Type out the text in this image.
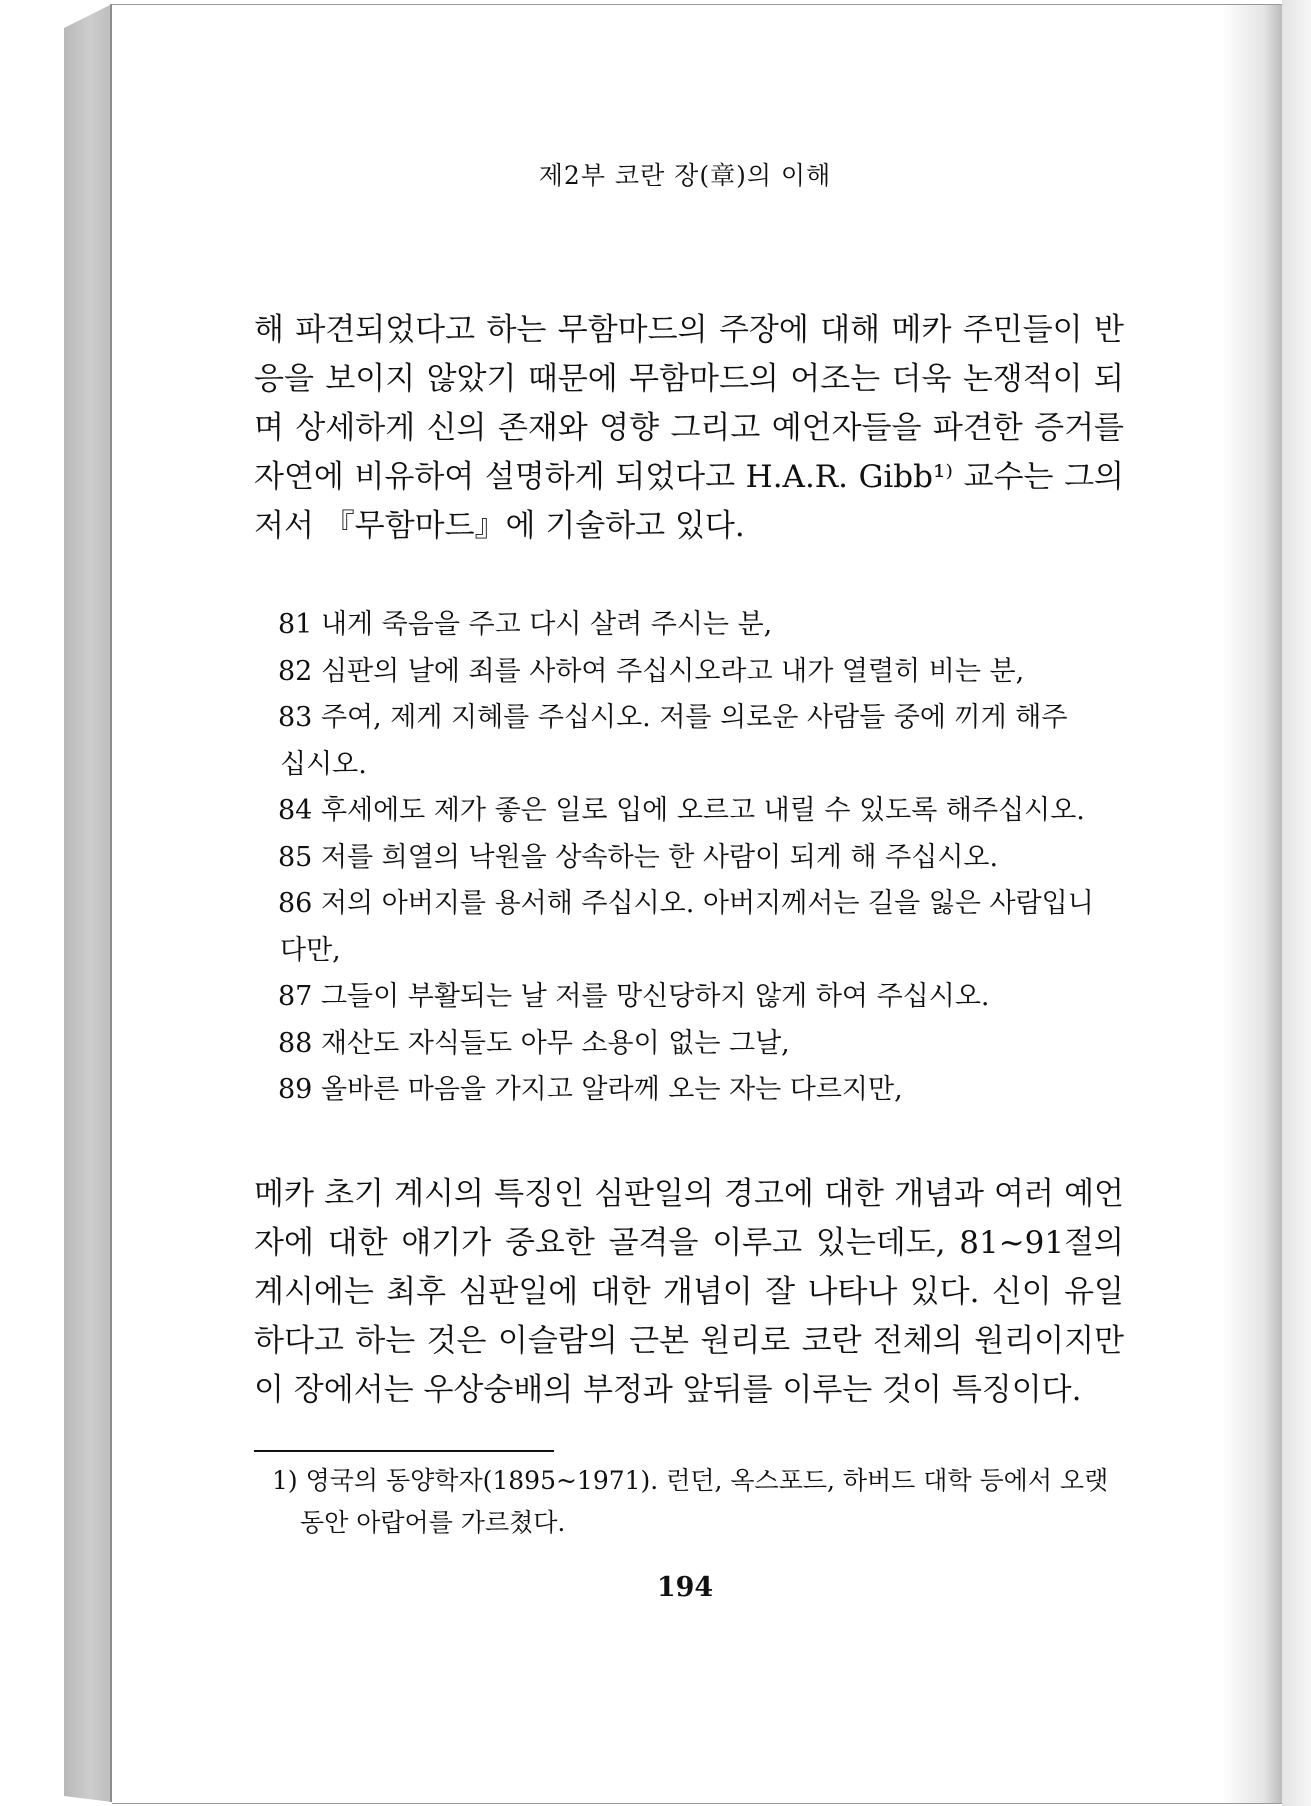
제2부 코란 장(章)의 이해

해 파견되었다고 하는 무함마드의 주장에 대해 메카 주민들이 반응을 보이지 않았기 때문에 무함마드의 어조는 더욱 논쟁적이 되며 상세하게 신의 존재와 영향 그리고 예언자들을 파견한 증거를 자연에 비유하여 설명하게 되었다고 H.A.R. Gibb¹⁾ 교수는 그의 저서 『무함마드』에 기술하고 있다.

81 내게 죽음을 주고 다시 살려 주시는 분,
82 심판의 날에 죄를 사하여 주십시오라고 내가 열렬히 비는 분,
83 주여, 제게 지혜를 주십시오. 저를 의로운 사람들 중에 끼게 해주
십시오.
84 후세에도 제가 좋은 일로 입에 오르고 내릴 수 있도록 해주십시오.
85 저를 희열의 낙원을 상속하는 한 사람이 되게 해 주십시오.
86 저의 아버지를 용서해 주십시오. 아버지께서는 길을 잃은 사람입니
다만,
87 그들이 부활되는 날 저를 망신당하지 않게 하여 주십시오.
88 재산도 자식들도 아무 소용이 없는 그날,
89 올바른 마음을 가지고 알라께 오는 자는 다르지만,

메카 초기 계시의 특징인 심판일의 경고에 대한 개념과 여러 예언자에 대한 얘기가 중요한 골격을 이루고 있는데도, 81~91절의 계시에는 최후 심판일에 대한 개념이 잘 나타나 있다. 신이 유일하다고 하는 것은 이슬람의 근본 원리로 코란 전체의 원리이지만 이 장에서는 우상숭배의 부정과 앞뒤를 이루는 것이 특징이다.

1) 영국의 동양학자(1895~1971). 런던, 옥스포드, 하버드 대학 등에서 오랫
동안 아랍어를 가르쳤다.

194
